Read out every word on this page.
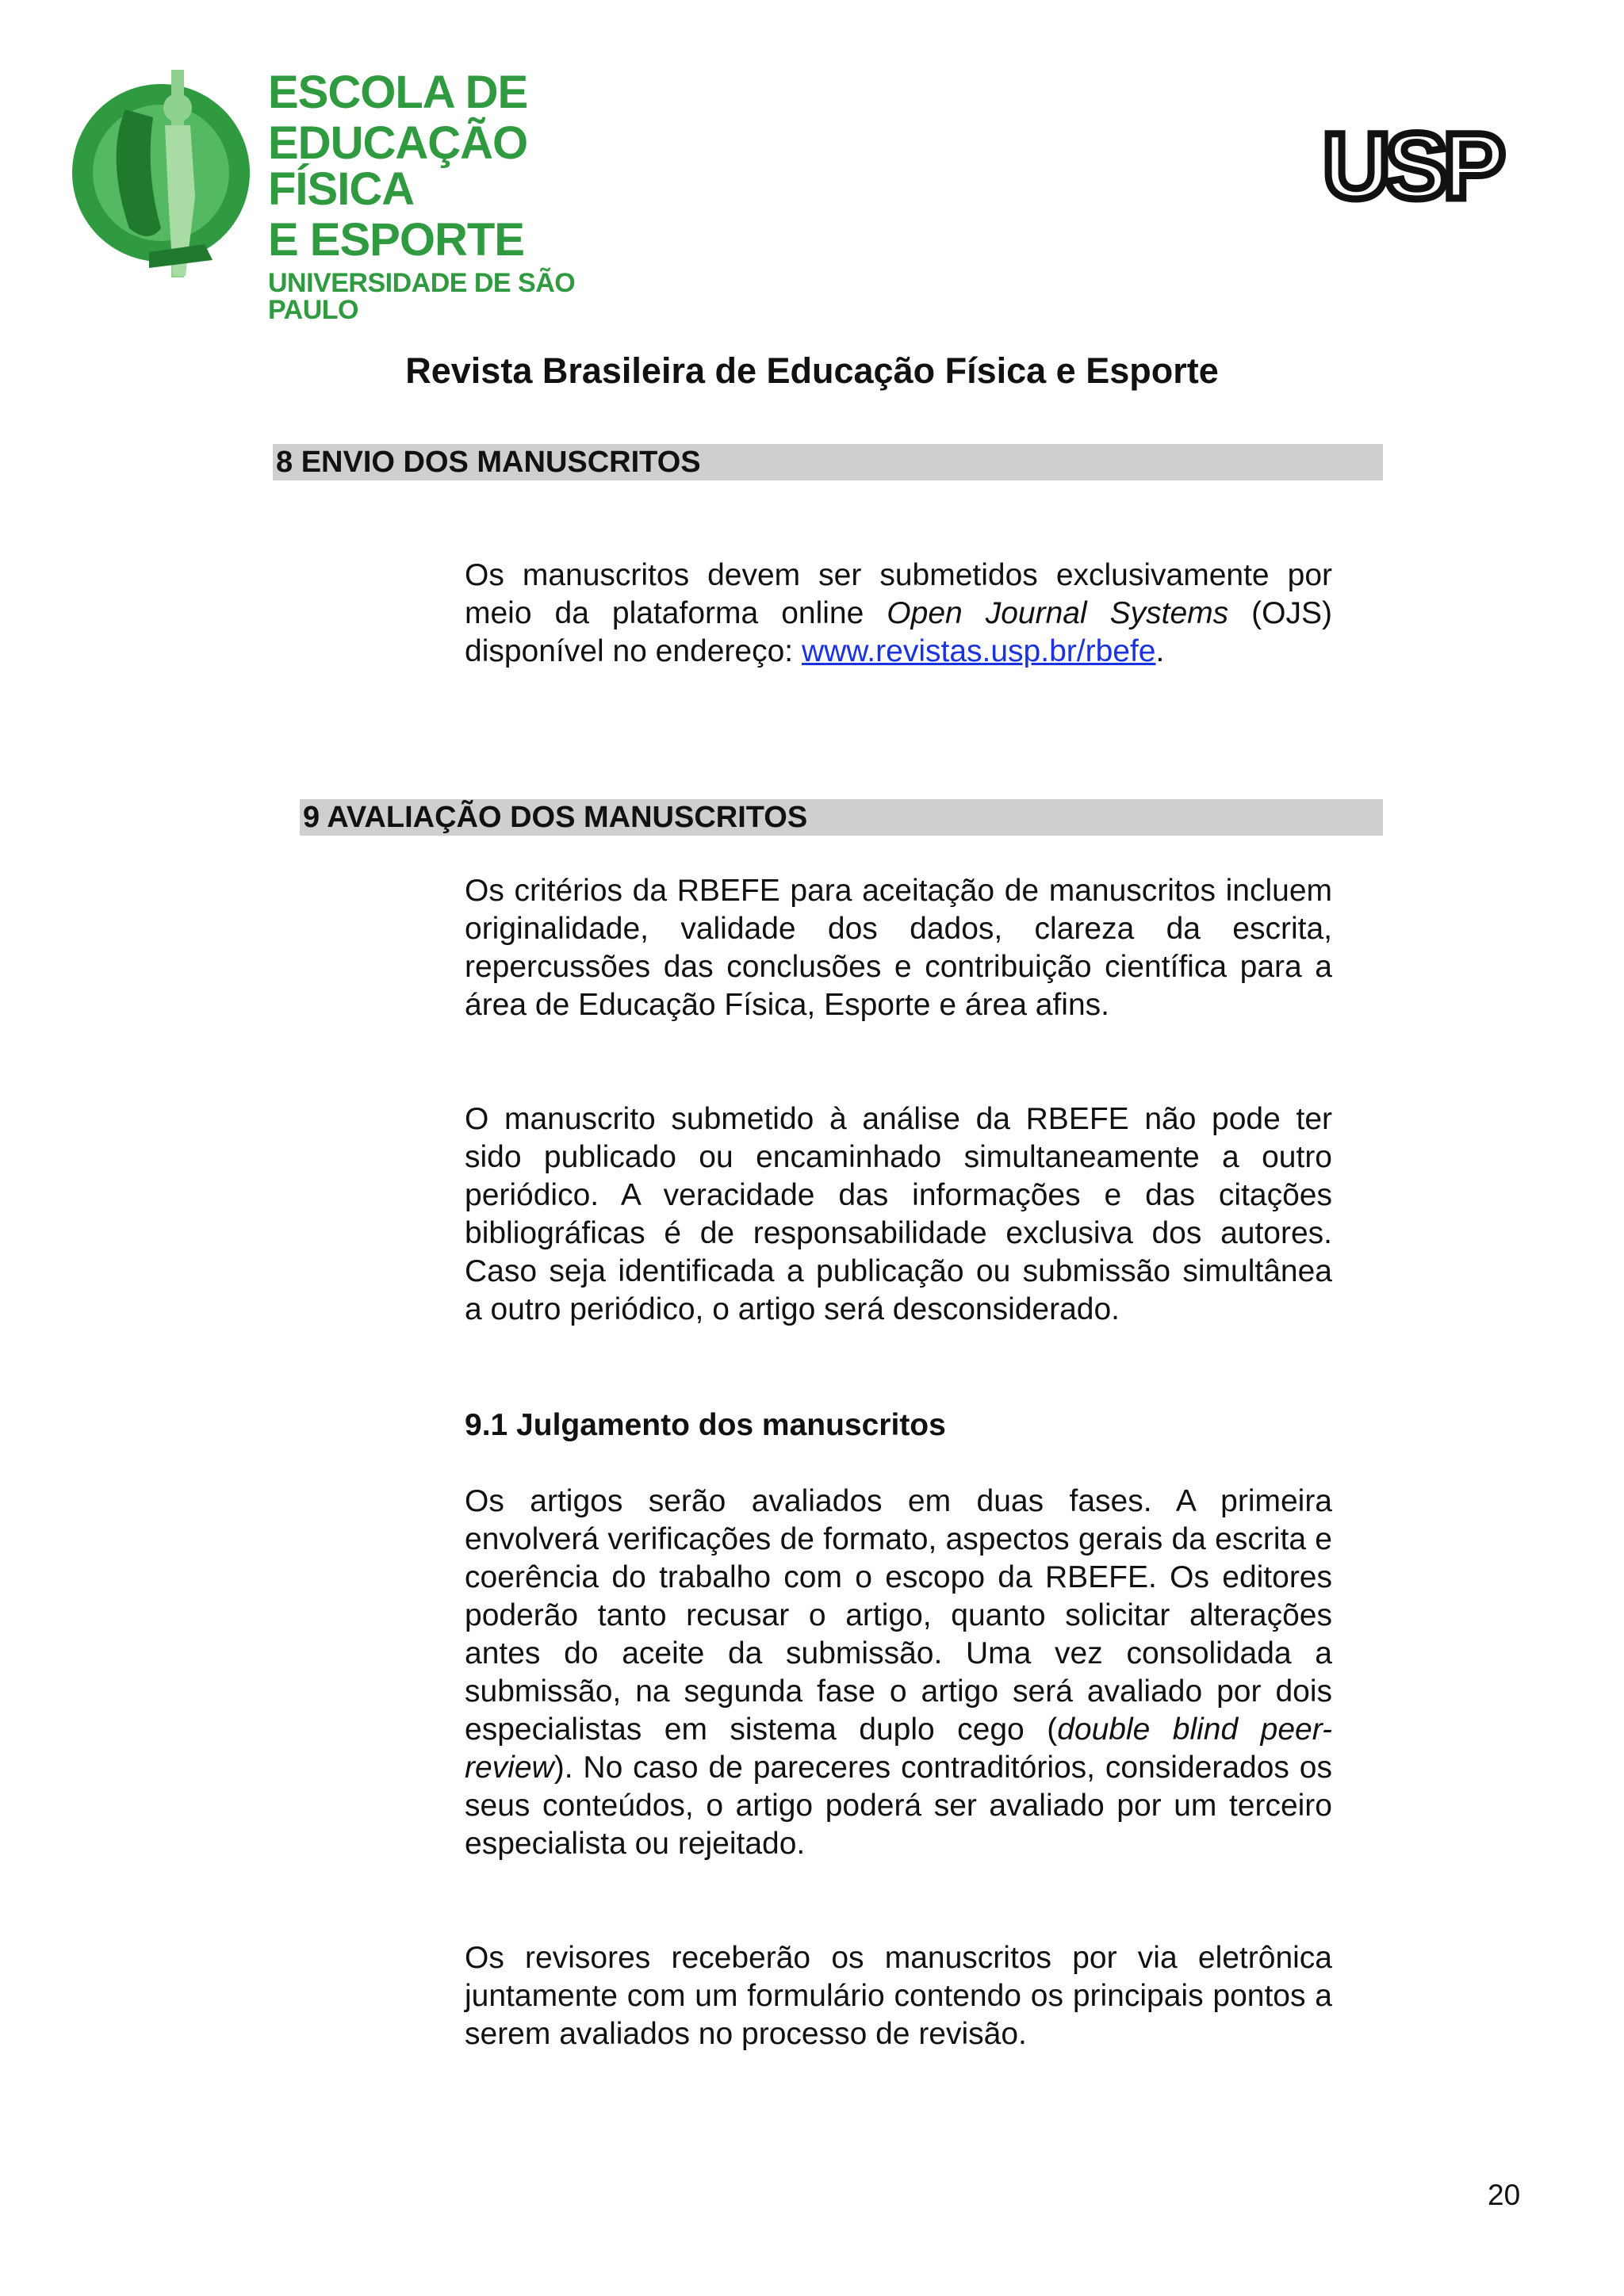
ESCOLA DE
EDUCAÇÃO FÍSICA
E ESPORTE
UNIVERSIDADE DE SÃO PAULO
USP
Revista Brasileira de Educação Física e Esporte
8 ENVIO DOS MANUSCRITOS

Os manuscritos devem ser submetidos exclusivamente por meio da plataforma online Open Journal Systems (OJS) disponível no endereço: www.revistas.usp.br/rbefe.

9 AVALIAÇÃO DOS MANUSCRITOS

Os critérios da RBEFE para aceitação de manuscritos incluem originalidade, validade dos dados, clareza da escrita, repercussões das conclusões e contribuição científica para a área de Educação Física, Esporte e área afins.

O manuscrito submetido à análise da RBEFE não pode ter sido publicado ou encaminhado simultaneamente a outro periódico. A veracidade das informações e das citações bibliográficas é de responsabilidade exclusiva dos autores. Caso seja identificada a publicação ou submissão simultânea a outro periódico, o artigo será desconsiderado.

9.1 Julgamento dos manuscritos

Os artigos serão avaliados em duas fases. A primeira envolverá verificações de formato, aspectos gerais da escrita e coerência do trabalho com o escopo da RBEFE. Os editores poderão tanto recusar o artigo, quanto solicitar alterações antes do aceite da submissão. Uma vez consolidada a submissão, na segunda fase o artigo será avaliado por dois especialistas em sistema duplo cego (double blind peer-review). No caso de pareceres contraditórios, considerados os seus conteúdos, o artigo poderá ser avaliado por um terceiro especialista ou rejeitado.

Os revisores receberão os manuscritos por via eletrônica juntamente com um formulário contendo os principais pontos a serem avaliados no processo de revisão.

20
